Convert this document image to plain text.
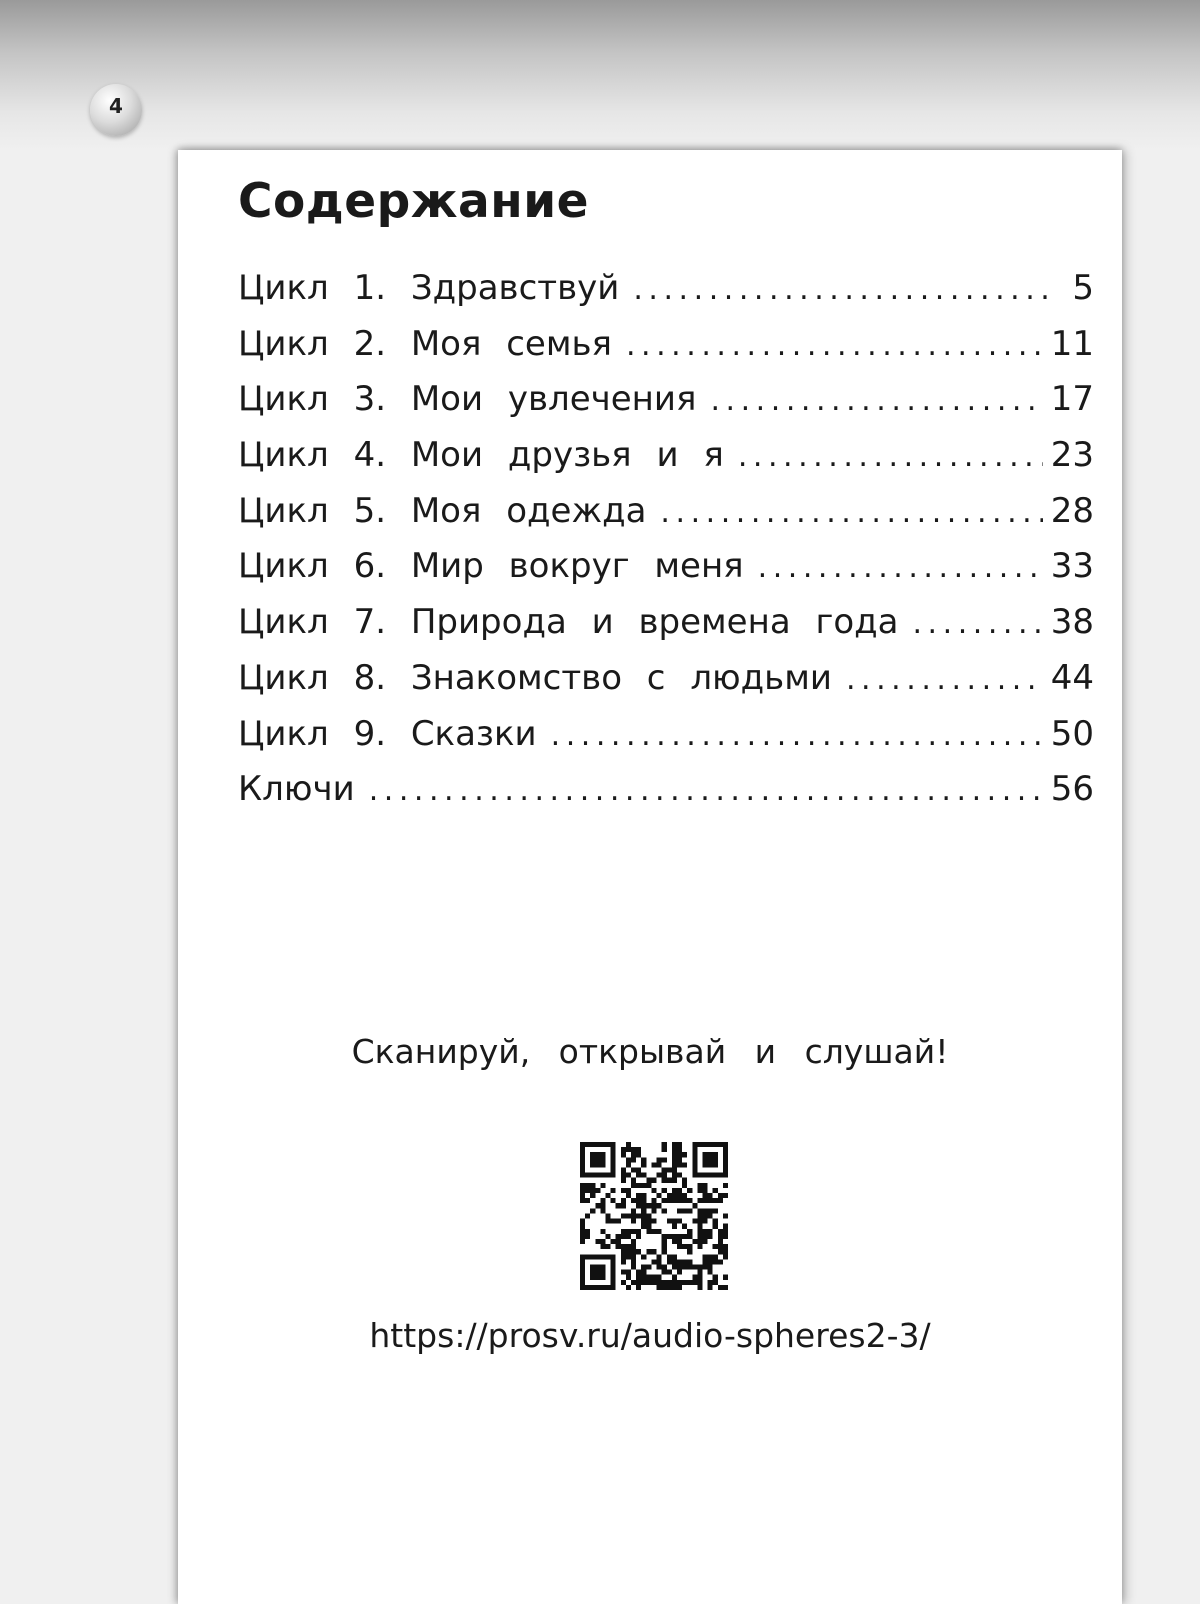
4
Содержание
Цикл 1. Здравствуй . . .	5
Цикл 2. Моя семья . . .	11
Цикл 3. Мои увлечения . . .	17
Цикл 4. Мои друзья и я . . .	23
Цикл 5. Моя одежда . . .	28
Цикл 6. Мир вокруг меня . . .	33
Цикл 7. Природа и времена года . . .	38
Цикл 8. Знакомство с людьми . . .	44
Цикл 9. Сказки . . .	50
Ключи . . .	56
Сканируй, открывай и слушай!
https://prosv.ru/audio-spheres2-3/
